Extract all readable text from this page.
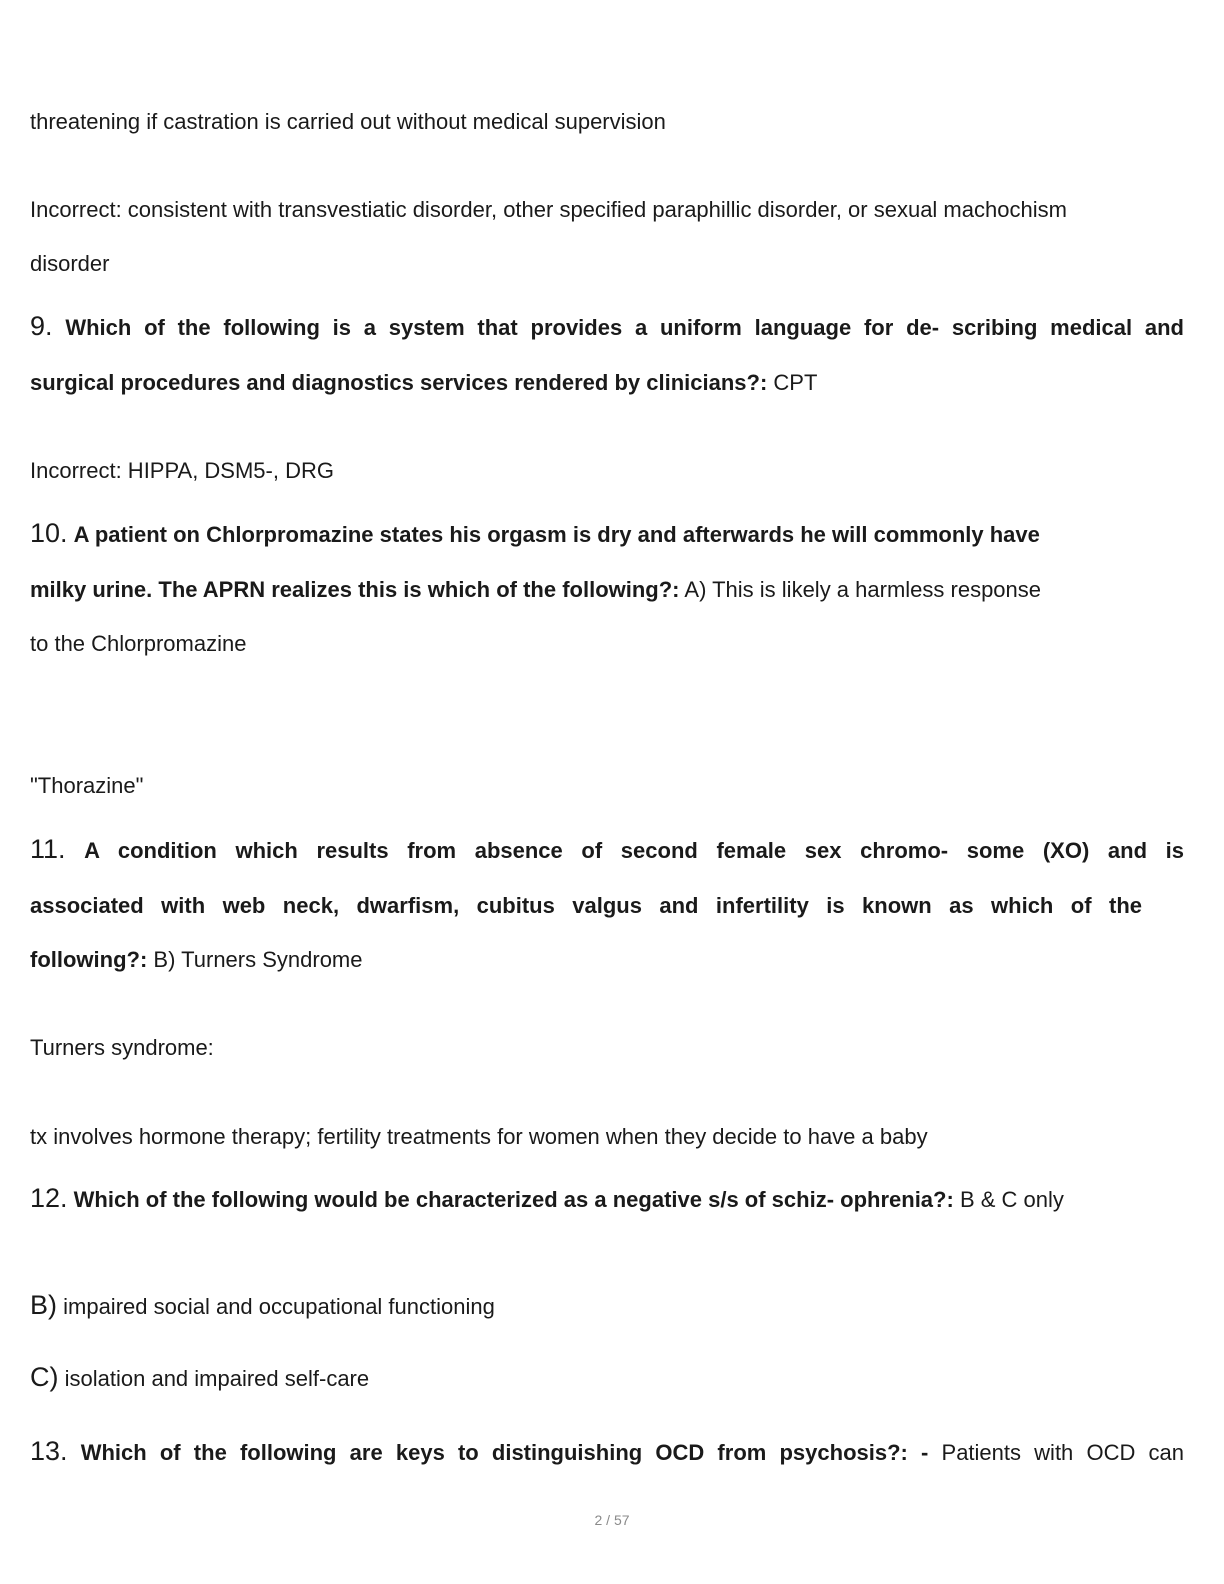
threatening if castration is carried out without medical supervision
Incorrect: consistent with transvestiatic disorder, other specified paraphillic disorder, or sexual machochism
disorder
9. Which of the following is a system that provides a uniform language for de- scribing medical and
surgical procedures and diagnostics services rendered by clinicians?: CPT
Incorrect: HIPPA, DSM5-, DRG
10. A patient on Chlorpromazine states his orgasm is dry and afterwards he will commonly have
milky urine. The APRN realizes this is which of the following?: A) This is likely a harmless response
to the Chlorpromazine
"Thorazine"
11. A condition which results from absence of second female sex chromo- some (XO) and is
associated with web neck, dwarfism, cubitus valgus and infertility is known as which of the
following?: B) Turners Syndrome
Turners syndrome:
tx involves hormone therapy; fertility treatments for women when they decide to have a baby
12. Which of the following would be characterized as a negative s/s of schiz- ophrenia?: B & C only
B) impaired social and occupational functioning
C) isolation and impaired self-care
13. Which of the following are keys to distinguishing OCD from psychosis?: - Patients with OCD can
2 / 57
